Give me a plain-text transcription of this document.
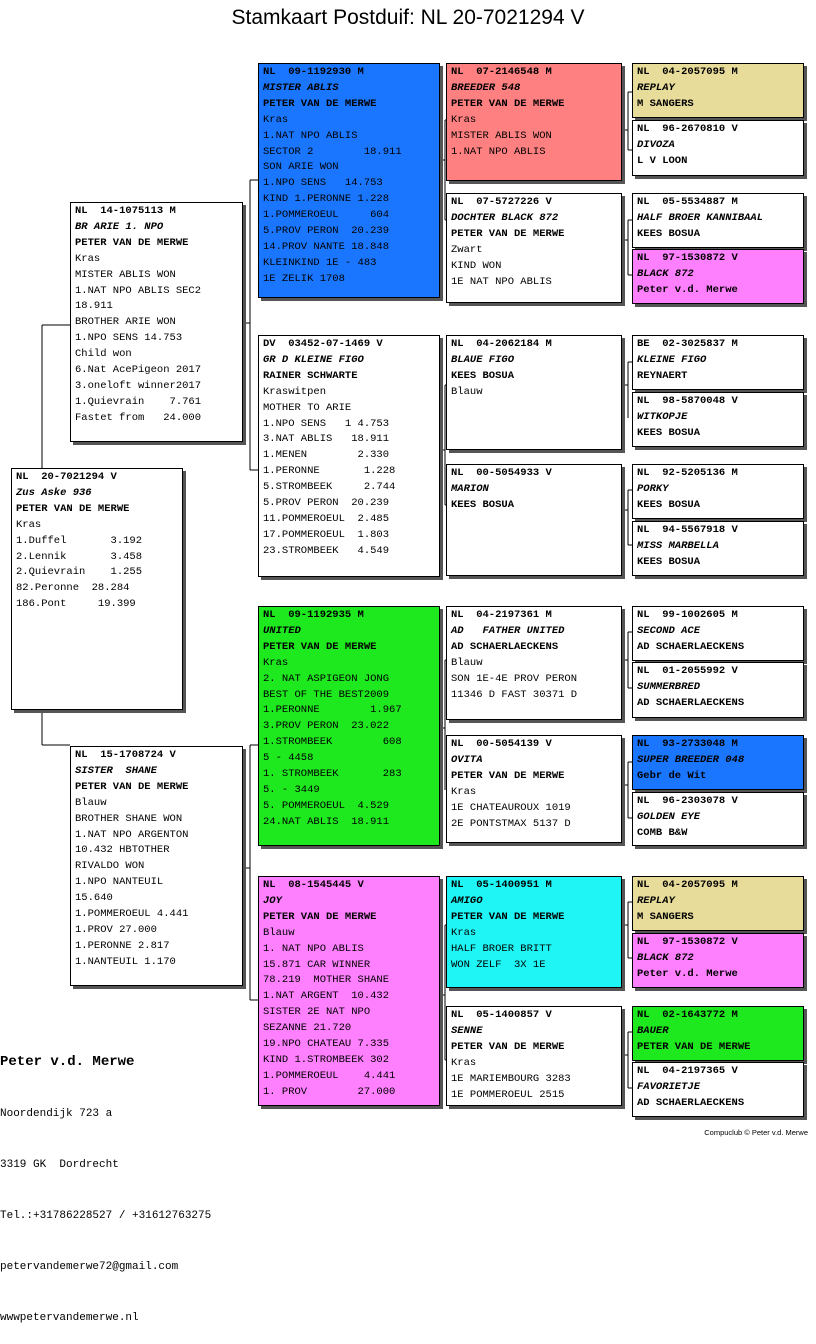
Stamkaart Postduif: NL 20-7021294 V
NL  20-7021294 V
Zus Aske 936
PETER VAN DE MERWE
Kras
1.Duffel       3.192
2.Lennik       3.458
2.Quievrain    1.255
82.Peronne  28.284
186.Pont     19.399
NL  14-1075113 M
BR ARIE 1. NPO
PETER VAN DE MERWE
Kras
MISTER ABLIS WON
1.NAT NPO ABLIS SEC2
18.911
BROTHER ARIE WON
1.NPO SENS 14.753
Child won
6.Nat AcePigeon 2017
3.oneloft winner2017
1.Quievrain    7.761
Fastet from   24.000
NL  15-1708724 V
SISTER  SHANE
PETER VAN DE MERWE
Blauw
BROTHER SHANE WON
1.NAT NPO ARGENTON
10.432 HBTOTHER
RIVALDO WON
1.NPO NANTEUIL
15.640
1.POMMEROEUL 4.441
1.PROV 27.000
1.PERONNE 2.817
1.NANTEUIL 1.170
NL  09-1192930 M
MISTER ABLIS
PETER VAN DE MERWE
Kras
1.NAT NPO ABLIS
SECTOR 2        18.911
SON ARIE WON
1.NPO SENS   14.753
KIND 1.PERONNE 1.228
1.POMMEROEUL     604
5.PROV PERON  20.239
14.PROV NANTE 18.848
KLEINKIND 1E - 483
1E ZELIK 1708
DV  03452-07-1469 V
GR D KLEINE FIGO
RAINER SCHWARTE
Kraswitpen
MOTHER TO ARIE
1.NPO SENS   1 4.753
3.NAT ABLIS   18.911
1.MENEN        2.330
1.PERONNE       1.228
5.STROMBEEK     2.744
5.PROV PERON  20.239
11.POMMEROEUL  2.485
17.POMMEROEUL  1.803
23.STROMBEEK   4.549
NL  09-1192935 M
UNITED
PETER VAN DE MERWE
Kras
2. NAT ASPIGEON JONG
BEST OF THE BEST2009
1.PERONNE        1.967
3.PROV PERON  23.022
1.STROMBEEK        608
5 - 4458
1. STROMBEEK       283
5. - 3449
5. POMMEROEUL  4.529
24.NAT ABLIS  18.911
NL  08-1545445 V
JOY
PETER VAN DE MERWE
Blauw
1. NAT NPO ABLIS
15.871 CAR WINNER
78.219  MOTHER SHANE
1.NAT ARGENT  10.432
SISTER 2E NAT NPO
SEZANNE 21.720
19.NPO CHATEAU 7.335
KIND 1.STROMBEEK 302
1.POMMEROEUL    4.441
1. PROV        27.000
NL  07-2146548 M
BREEDER 548
PETER VAN DE MERWE
Kras
MISTER ABLIS WON
1.NAT NPO ABLIS
NL  07-5727226 V
DOCHTER BLACK 872
PETER VAN DE MERWE
Zwart
KIND WON
1E NAT NPO ABLIS
NL  04-2062184 M
BLAUE FIGO
KEES BOSUA
Blauw
NL  00-5054933 V
MARION
KEES BOSUA
NL  04-2197361 M
AD   FATHER UNITED
AD SCHAERLAECKENS
Blauw
SON 1E-4E PROV PERON
11346 D FAST 30371 D
NL  00-5054139 V
OVITA
PETER VAN DE MERWE
Kras
1E CHATEAUROUX 1019
2E PONTSTMAX 5137 D
NL  05-1400951 M
AMIGO
PETER VAN DE MERWE
Kras
HALF BROER BRITT
WON ZELF  3X 1E
NL  05-1400857 V
SENNE
PETER VAN DE MERWE
Kras
1E MARIEMBOURG 3283
1E POMMEROEUL 2515
NL  04-2057095 M
REPLAY
M SANGERS
NL  96-2670810 V
DIVOZA
L V LOON
NL  05-5534887 M
HALF BROER KANNIBAAL
KEES BOSUA
NL  97-1530872 V
BLACK 872
Peter v.d. Merwe
BE  02-3025837 M
KLEINE FIGO
REYNAERT
NL  98-5870048 V
WITKOPJE
KEES BOSUA
NL  92-5205136 M
PORKY
KEES BOSUA
NL  94-5567918 V
MISS MARBELLA
KEES BOSUA
NL  99-1002605 M
SECOND ACE
AD SCHAERLAECKENS
NL  01-2055992 V
SUMMERBRED
AD SCHAERLAECKENS
NL  93-2733048 M
SUPER BREEDER 048
Gebr de Wit
NL  96-2303078 V
GOLDEN EYE
COMB B&W
NL  04-2057095 M
REPLAY
M SANGERS
NL  97-1530872 V
BLACK 872
Peter v.d. Merwe
NL  02-1643772 M
BAUER
PETER VAN DE MERWE
NL  04-2197365 V
FAVORIETJE
AD SCHAERLAECKENS

Peter v.d. Merwe

Noordendijk 723 a

3319 GK  Dordrecht

Tel.:+31786228527 / +31612763275

petervandemerwe72@gmail.com

wwwpetervandemerwe.nl

Compuclub © Peter v.d. Merwe
